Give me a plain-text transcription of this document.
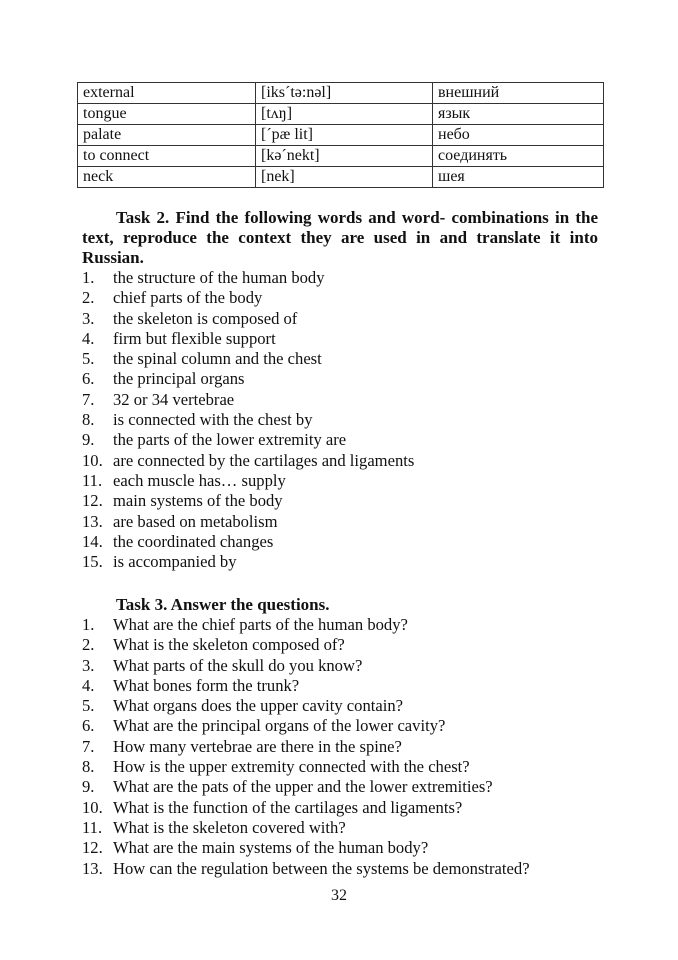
external	[iksˊtə:nəl]	внешний
tongue	[tʌŋ]	язык
palate	[ˊpæ lit]	небо
to connect	[kəˊnekt]	соединять
neck	[nek]	шея

Task 2. Find the following words and word- combinations in the text, reproduce the context they are used in and translate it into Russian.

1.	the structure of the human body
2.	chief parts of the body
3.	the skeleton is composed of
4.	firm but flexible support
5.	the spinal column and the chest
6.	the principal organs
7.	32 or 34 vertebrae
8.	is connected with the chest by
9.	the parts of the lower extremity are
10. are connected by the cartilages and ligaments
11. each muscle has… supply
12. main systems of the body
13. are based on metabolism
14. the coordinated changes
15. is accompanied by

Task 3. Answer the questions.

1.	What are the chief parts of the human body?
2.	What is the skeleton composed of?
3.	What parts of the skull do you know?
4.	What bones form the trunk?
5.	What organs does the upper cavity contain?
6.	What are the principal organs of the lower cavity?
7.	How many vertebrae are there in the spine?
8.	How is the upper extremity connected with the chest?
9.	What are the pats of the upper and the lower extremities?
10. What is the function of the cartilages and ligaments?
11. What is the skeleton covered with?
12. What are the main systems of the human body?
13. How can the regulation between the systems be demonstrated?
32
